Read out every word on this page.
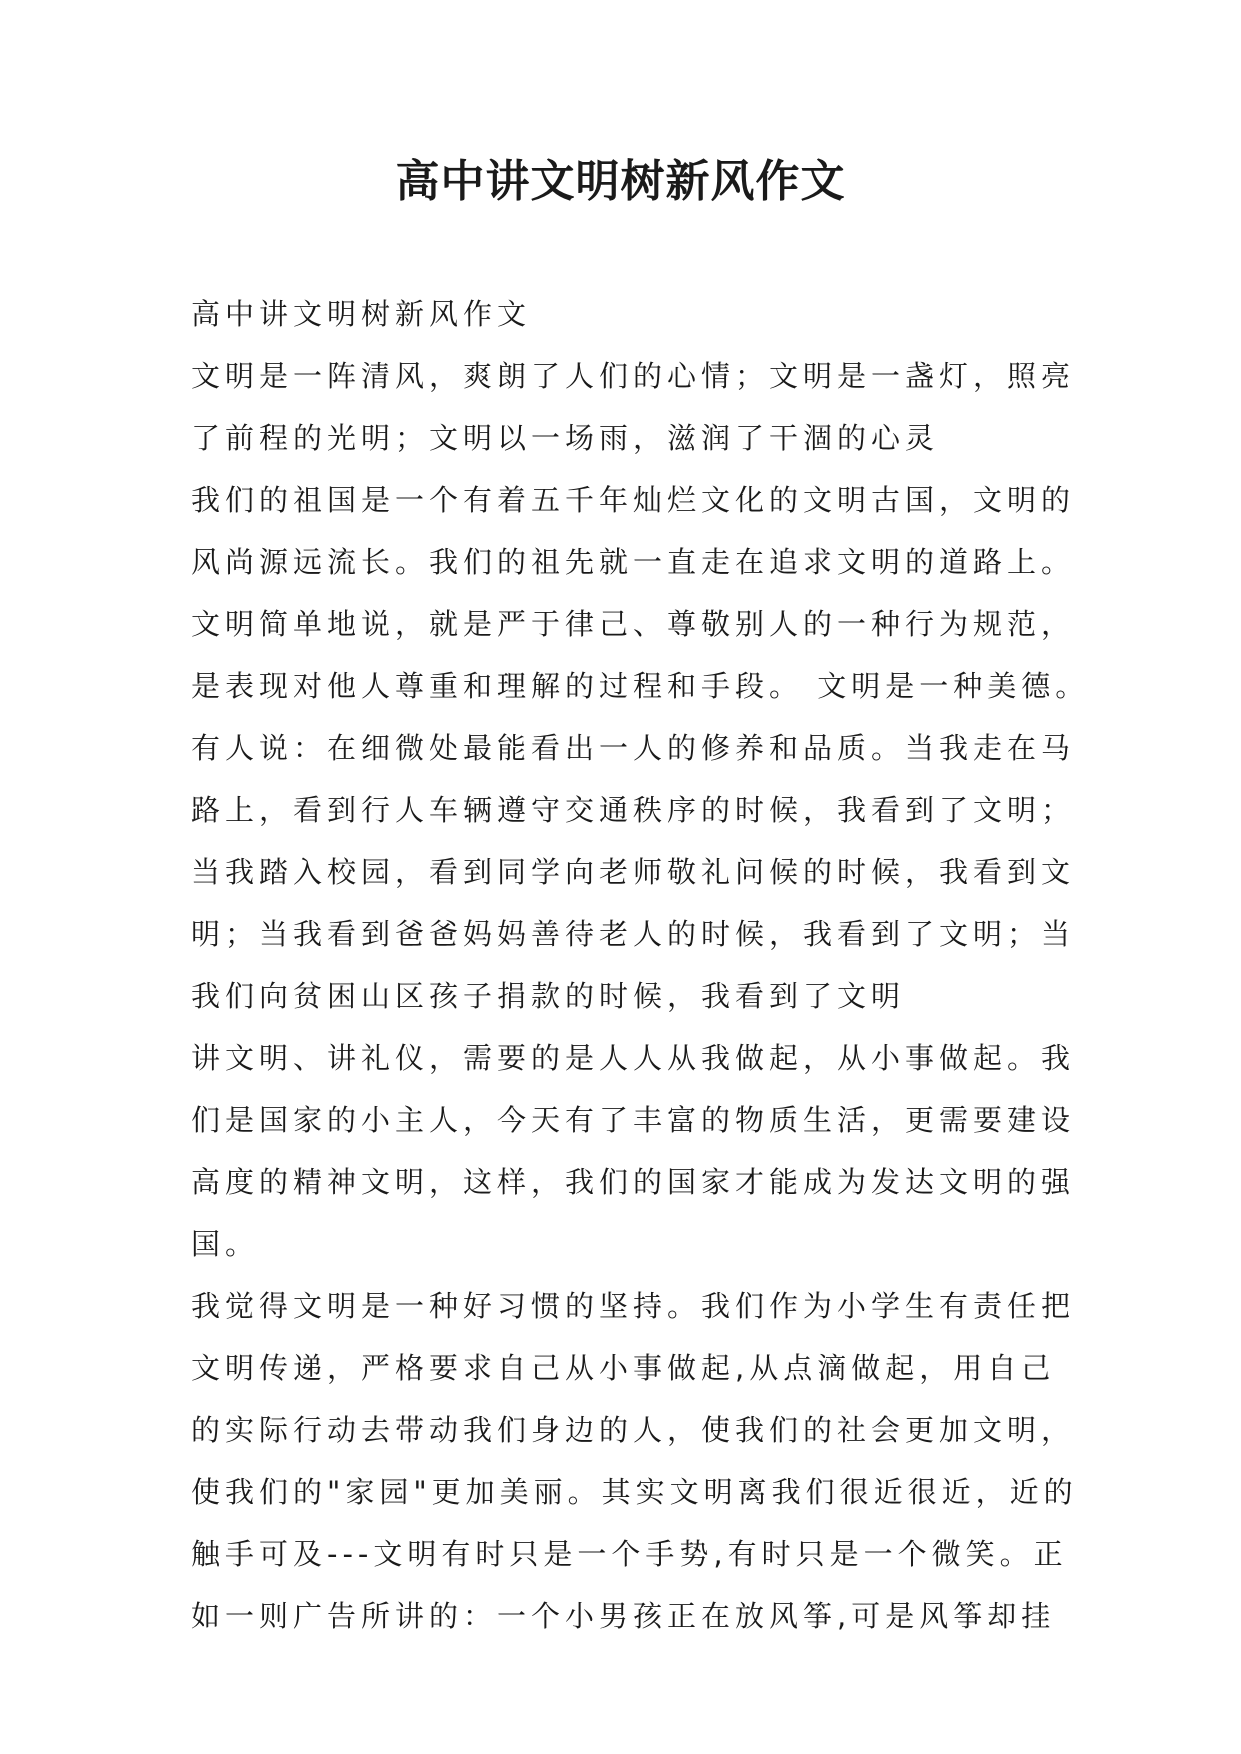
高中讲文明树新风作文
高中讲文明树新风作文
文明是一阵清风，爽朗了人们的心情；文明是一盏灯，照亮
了前程的光明；文明以一场雨，滋润了干涸的心灵
我们的祖国是一个有着五千年灿烂文化的文明古国，文明的
风尚源远流长。我们的祖先就一直走在追求文明的道路上。
文明简单地说，就是严于律己、尊敬别人的一种行为规范，
是表现对他人尊重和理解的过程和手段。 文明是一种美德。
有人说：在细微处最能看出一人的修养和品质。当我走在马
路上，看到行人车辆遵守交通秩序的时候，我看到了文明；
当我踏入校园，看到同学向老师敬礼问候的时候，我看到文
明；当我看到爸爸妈妈善待老人的时候，我看到了文明；当
我们向贫困山区孩子捐款的时候，我看到了文明
讲文明、讲礼仪，需要的是人人从我做起，从小事做起。我
们是国家的小主人，今天有了丰富的物质生活，更需要建设
高度的精神文明，这样，我们的国家才能成为发达文明的强
国。
我觉得文明是一种好习惯的坚持。我们作为小学生有责任把
文明传递，严格要求自己从小事做起,从点滴做起，用自己
的实际行动去带动我们身边的人，使我们的社会更加文明，
使我们的"家园"更加美丽。其实文明离我们很近很近，近的
触手可及---文明有时只是一个手势,有时只是一个微笑。正
如一则广告所讲的：一个小男孩正在放风筝,可是风筝却挂
